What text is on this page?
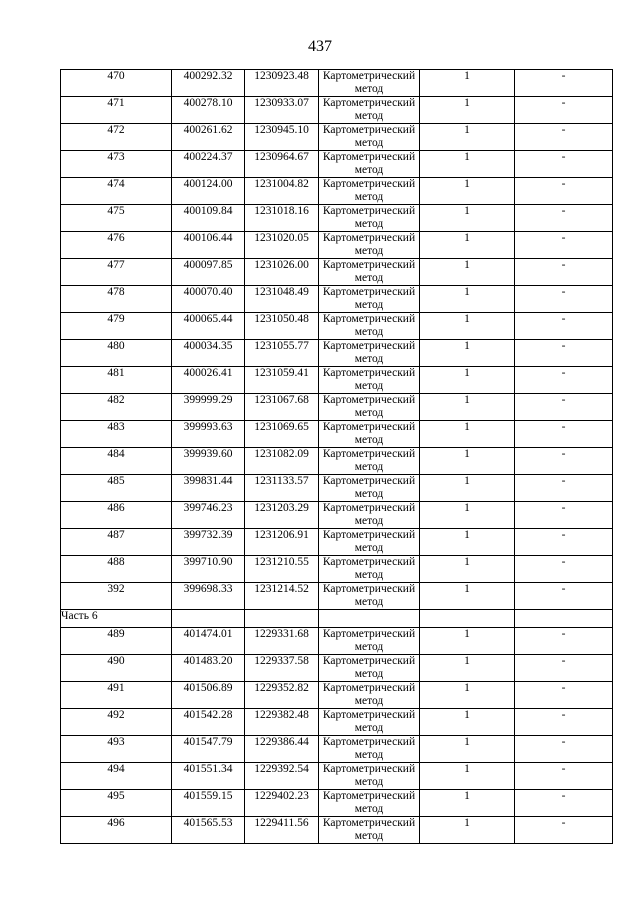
437
470	400292.32	1230923.48	Картометрический метод	1	-
471	400278.10	1230933.07	Картометрический метод	1	-
472	400261.62	1230945.10	Картометрический метод	1	-
473	400224.37	1230964.67	Картометрический метод	1	-
474	400124.00	1231004.82	Картометрический метод	1	-
475	400109.84	1231018.16	Картометрический метод	1	-
476	400106.44	1231020.05	Картометрический метод	1	-
477	400097.85	1231026.00	Картометрический метод	1	-
478	400070.40	1231048.49	Картометрический метод	1	-
479	400065.44	1231050.48	Картометрический метод	1	-
480	400034.35	1231055.77	Картометрический метод	1	-
481	400026.41	1231059.41	Картометрический метод	1	-
482	399999.29	1231067.68	Картометрический метод	1	-
483	399993.63	1231069.65	Картометрический метод	1	-
484	399939.60	1231082.09	Картометрический метод	1	-
485	399831.44	1231133.57	Картометрический метод	1	-
486	399746.23	1231203.29	Картометрический метод	1	-
487	399732.39	1231206.91	Картометрический метод	1	-
488	399710.90	1231210.55	Картометрический метод	1	-
392	399698.33	1231214.52	Картометрический метод	1	-
Часть 6					
489	401474.01	1229331.68	Картометрический метод	1	-
490	401483.20	1229337.58	Картометрический метод	1	-
491	401506.89	1229352.82	Картометрический метод	1	-
492	401542.28	1229382.48	Картометрический метод	1	-
493	401547.79	1229386.44	Картометрический метод	1	-
494	401551.34	1229392.54	Картометрический метод	1	-
495	401559.15	1229402.23	Картометрический метод	1	-
496	401565.53	1229411.56	Картометрический метод	1	-
